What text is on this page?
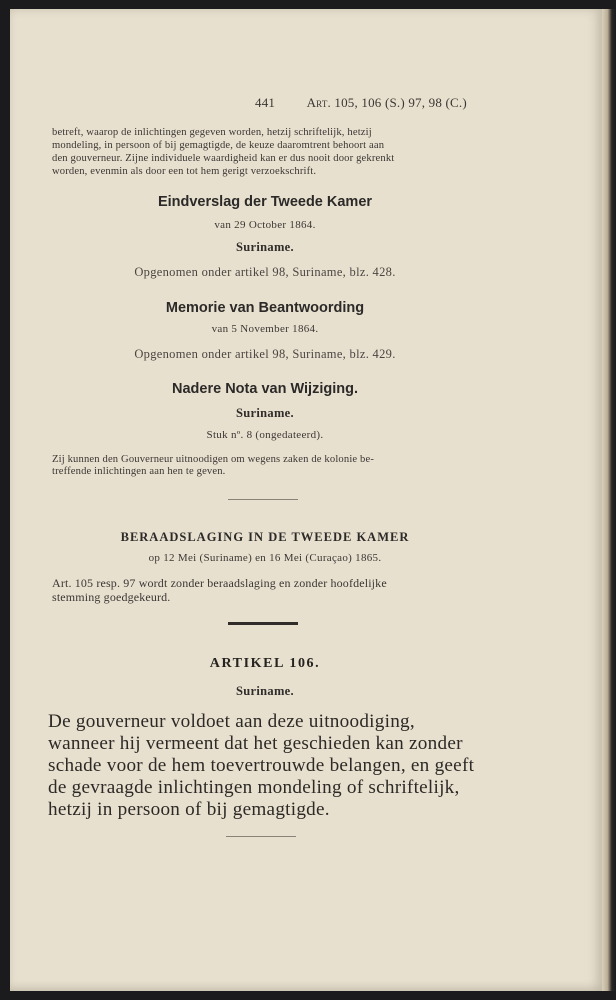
441 Art. 105, 106 (S.) 97, 98 (C.)
betreft, waarop de inlichtingen gegeven worden, hetzij schriftelijk, hetzij
mondeling, in persoon of bij gemagtigde, de keuze daaromtrent behoort aan
den gouverneur. Zijne individuele waardigheid kan er dus nooit door gekrenkt
worden, evenmin als door een tot hem gerigt verzoekschrift.
Eindverslag der Tweede Kamer
van 29 October 1864.
Suriname.
Opgenomen onder artikel 98, Suriname, blz. 428.
Memorie van Beantwoording
van 5 November 1864.
Opgenomen onder artikel 98, Suriname, blz. 429.
Nadere Nota van Wijziging.
Suriname.
Stuk nº. 8 (ongedateerd).
Zij kunnen den Gouverneur uitnoodigen om wegens zaken de kolonie be-
treffende inlichtingen aan hen te geven.
BERAADSLAGING IN DE TWEEDE KAMER
op 12 Mei (Suriname) en 16 Mei (Curaçao) 1865.
Art. 105 resp. 97 wordt zonder beraadslaging en zonder hoofdelijke
stemming goedgekeurd.
ARTIKEL 106.
Suriname.
De gouverneur voldoet aan deze uitnoodiging,
wanneer hij vermeent dat het geschieden kan zonder
schade voor de hem toevertrouwde belangen, en geeft
de gevraagde inlichtingen mondeling of schriftelijk,
hetzij in persoon of bij gemagtigde.
